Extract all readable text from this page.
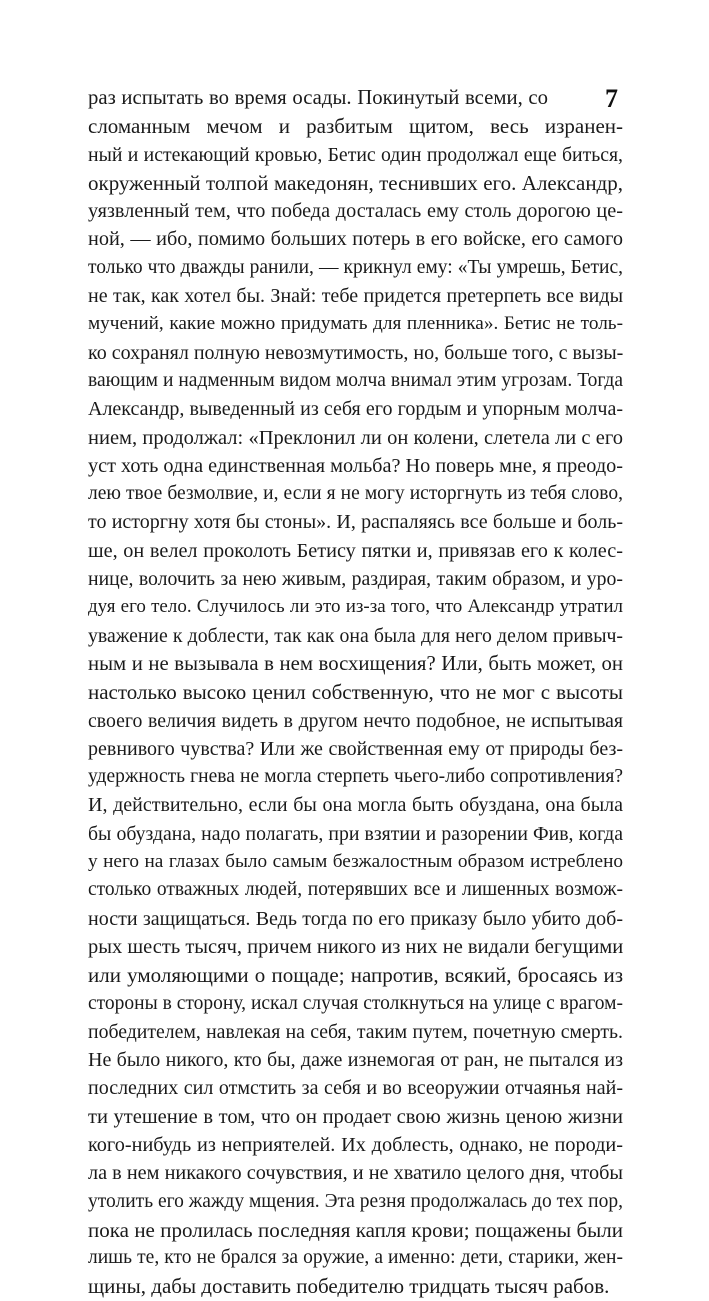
7
раз испытать во время осады. Покинутый всеми, со
сломанным мечом и разбитым щитом, весь изранен-
ный и истекающий кровью, Бетис один продолжал еще биться,
окруженный толпой македонян, теснивших его. Александр,
уязвленный тем, что победа досталась ему столь дорогою це-
ной, — ибо, помимо больших потерь в его войске, его самого
только что дважды ранили, — крикнул ему: «Ты умрешь, Бетис,
не так, как хотел бы. Знай: тебе придется претерпеть все виды
мучений, какие можно придумать для пленника». Бетис не толь-
ко сохранял полную невозмутимость, но, больше того, с вызы-
вающим и надменным видом молча внимал этим угрозам. Тогда
Александр, выведенный из себя его гордым и упорным молча-
нием, продолжал: «Преклонил ли он колени, слетела ли с его
уст хоть одна единственная мольба? Но поверь мне, я преодо-
лею твое безмолвие, и, если я не могу исторгнуть из тебя слово,
то исторгну хотя бы стоны». И, распаляясь все больше и боль-
ше, он велел проколоть Бетису пятки и, привязав его к колес-
нице, волочить за нею живым, раздирая, таким образом, и уро-
дуя его тело. Случилось ли это из-за того, что Александр утратил
уважение к доблести, так как она была для него делом привыч-
ным и не вызывала в нем восхищения? Или, быть может, он
настолько высоко ценил собственную, что не мог с высоты
своего величия видеть в другом нечто подобное, не испытывая
ревнивого чувства? Или же свойственная ему от природы без-
удержность гнева не могла стерпеть чьего-либо сопротивления?
И, действительно, если бы она могла быть обуздана, она была
бы обуздана, надо полагать, при взятии и разорении Фив, когда
у него на глазах было самым безжалостным образом истреблено
столько отважных людей, потерявших все и лишенных возмож-
ности защищаться. Ведь тогда по его приказу было убито доб-
рых шесть тысяч, причем никого из них не видали бегущими
или умоляющими о пощаде; напротив, всякий, бросаясь из
стороны в сторону, искал случая столкнуться на улице с врагом-
победителем, навлекая на себя, таким путем, почетную смерть.
Не было никого, кто бы, даже изнемогая от ран, не пытался из
последних сил отмстить за себя и во всеоружии отчаянья най-
ти утешение в том, что он продает свою жизнь ценою жизни
кого-нибудь из неприятелей. Их доблесть, однако, не породи-
ла в нем никакого сочувствия, и не хватило целого дня, чтобы
утолить его жажду мщения. Эта резня продолжалась до тех пор,
пока не пролилась последняя капля крови; пощажены были
лишь те, кто не брался за оружие, а именно: дети, старики, жен-
щины, дабы доставить победителю тридцать тысяч рабов.
